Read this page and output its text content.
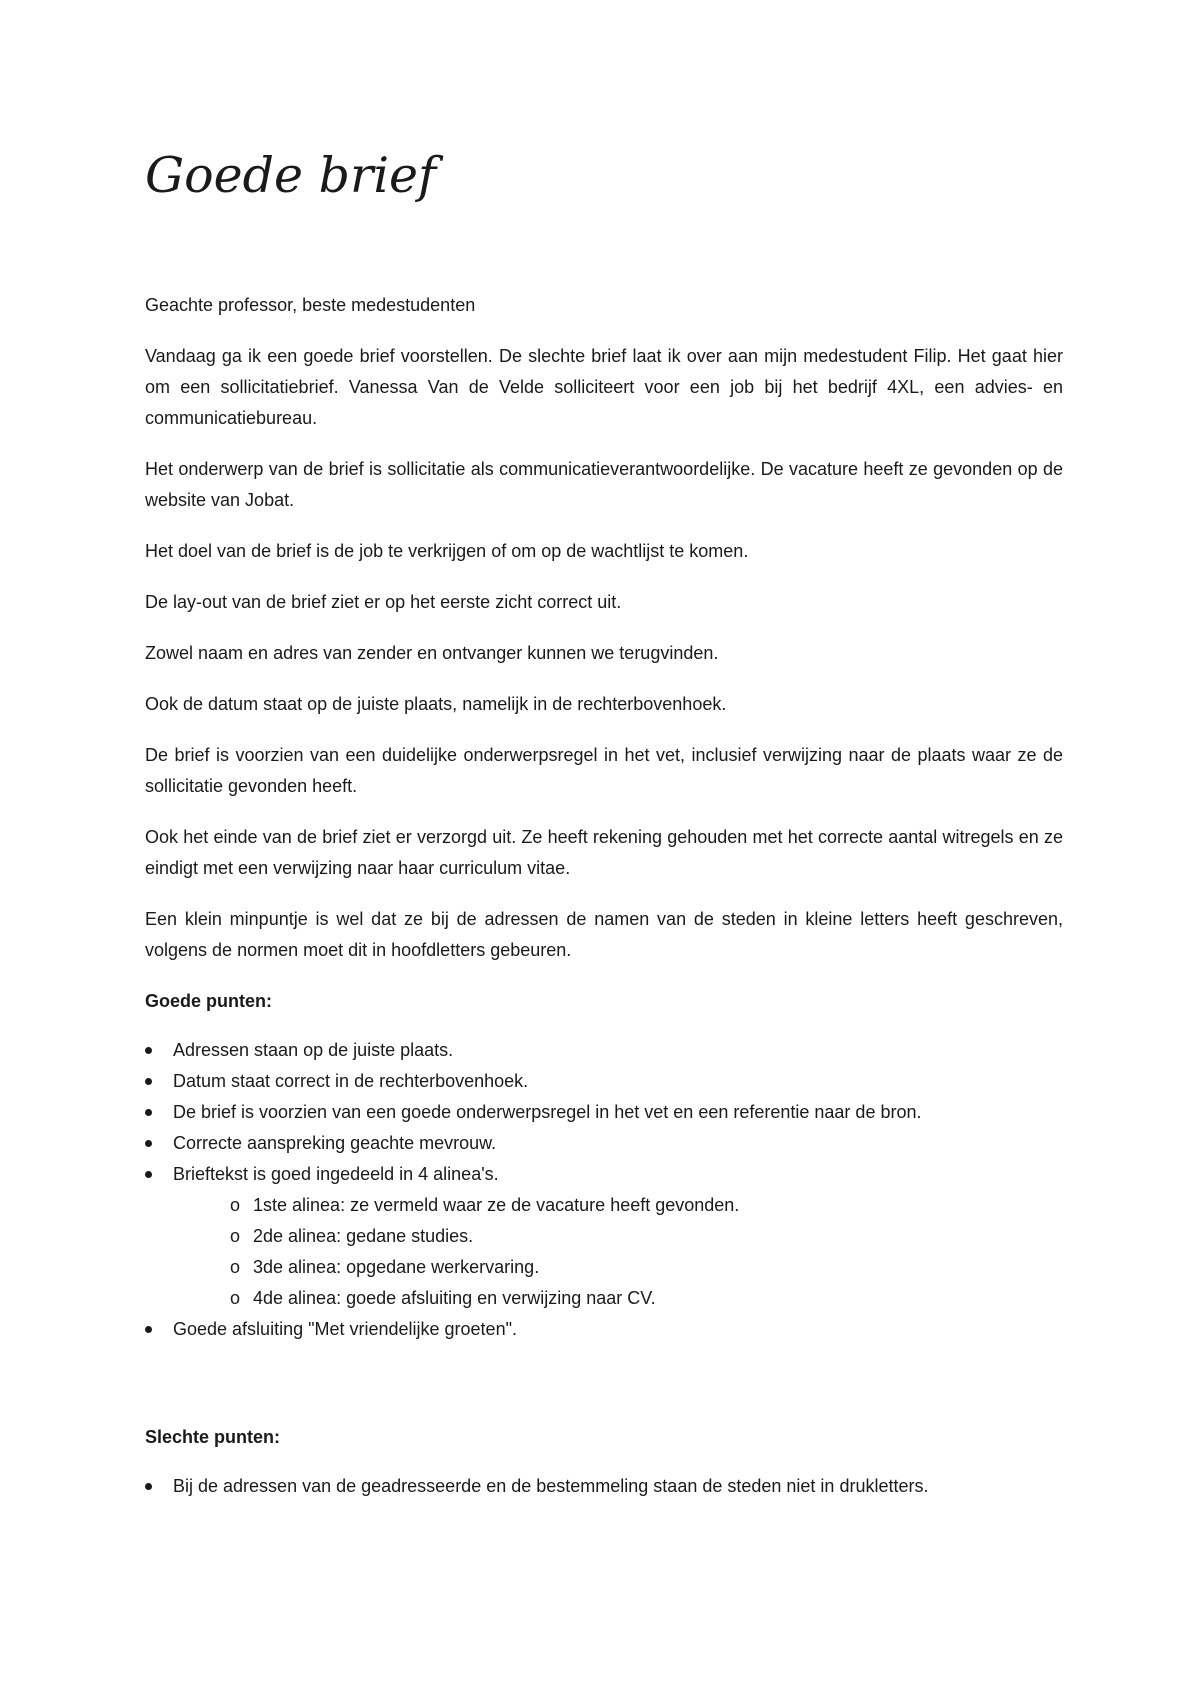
Goede brief

Geachte professor, beste medestudenten

Vandaag ga ik een goede brief voorstellen. De slechte brief laat ik over aan mijn medestudent Filip. Het gaat hier om een sollicitatiebrief. Vanessa Van de Velde solliciteert voor een job bij het bedrijf 4XL, een advies- en communicatiebureau.

Het onderwerp van de brief is sollicitatie als communicatieverantwoordelijke. De vacature heeft ze gevonden op de website van Jobat.

Het doel van de brief is de job te verkrijgen of om op de wachtlijst te komen.

De lay-out van de brief ziet er op het eerste zicht correct uit.

Zowel naam en adres van zender en ontvanger kunnen we terugvinden.

Ook de datum staat op de juiste plaats, namelijk in de rechterbovenhoek.

De brief is voorzien van een duidelijke onderwerpsregel in het vet, inclusief verwijzing naar de plaats waar ze de sollicitatie gevonden heeft.

Ook het einde van de brief ziet er verzorgd uit. Ze heeft rekening gehouden met het correcte aantal witregels en ze eindigt met een verwijzing naar haar curriculum vitae.

Een klein minpuntje is wel dat ze bij de adressen de namen van de steden in kleine letters heeft geschreven, volgens de normen moet dit in hoofdletters gebeuren.

Goede punten:
Adressen staan op de juiste plaats.
Datum staat correct in de rechterbovenhoek.
De brief is voorzien van een goede onderwerpsregel in het vet en een referentie naar de bron.
Correcte aanspreking geachte mevrouw.
Brieftekst is goed ingedeeld in 4 alinea's.
o 1ste alinea: ze vermeld waar ze de vacature heeft gevonden.
o 2de alinea: gedane studies.
o 3de alinea: opgedane werkervaring.
o 4de alinea: goede afsluiting en verwijzing naar CV.
Goede afsluiting "Met vriendelijke groeten".
Slechte punten:
Bij de adressen van de geadresseerde en de bestemmeling staan de steden niet in drukletters.
